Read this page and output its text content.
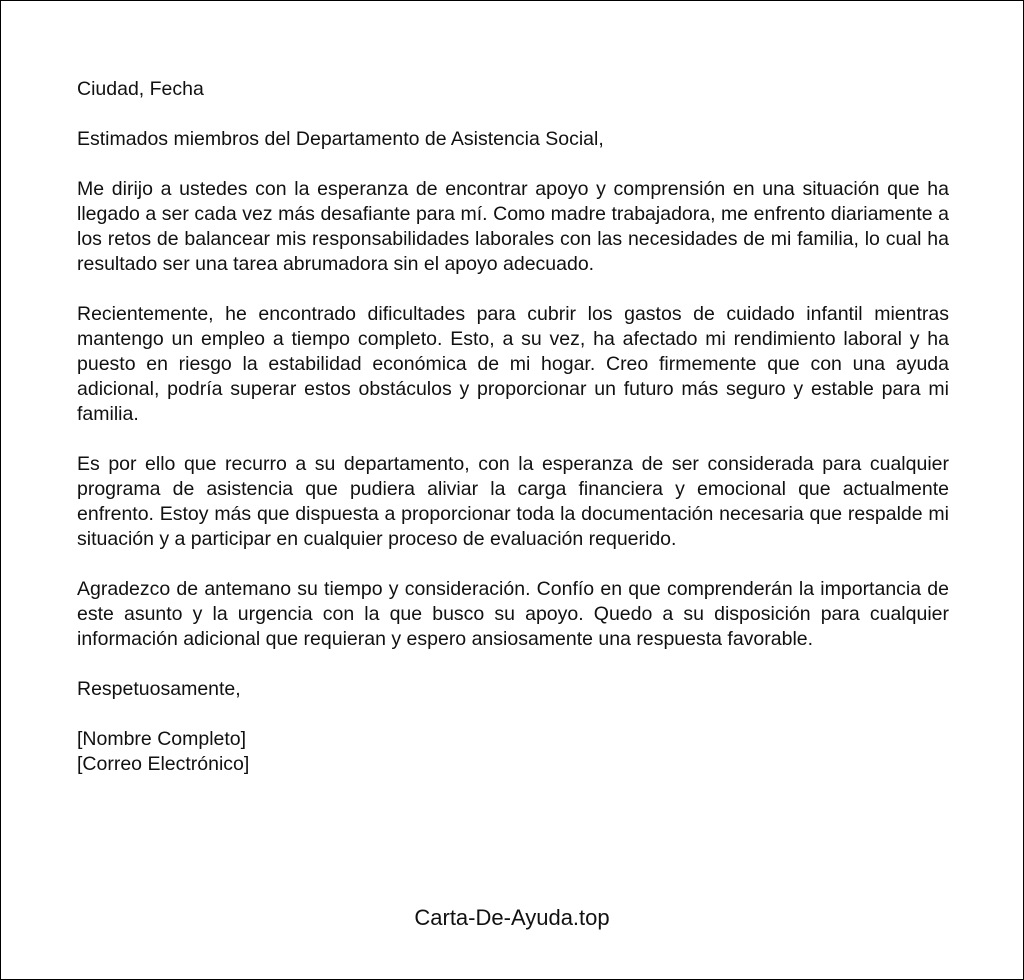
Ciudad, Fecha

Estimados miembros del Departamento de Asistencia Social,

Me dirijo a ustedes con la esperanza de encontrar apoyo y comprensión en una situación que ha llegado a ser cada vez más desafiante para mí. Como madre trabajadora, me enfrento diariamente a los retos de balancear mis responsabilidades laborales con las necesidades de mi familia, lo cual ha resultado ser una tarea abrumadora sin el apoyo adecuado.

Recientemente, he encontrado dificultades para cubrir los gastos de cuidado infantil mientras mantengo un empleo a tiempo completo. Esto, a su vez, ha afectado mi rendimiento laboral y ha puesto en riesgo la estabilidad económica de mi hogar. Creo firmemente que con una ayuda adicional, podría superar estos obstáculos y proporcionar un futuro más seguro y estable para mi familia.

Es por ello que recurro a su departamento, con la esperanza de ser considerada para cualquier programa de asistencia que pudiera aliviar la carga financiera y emocional que actualmente enfrento. Estoy más que dispuesta a proporcionar toda la documentación necesaria que respalde mi situación y a participar en cualquier proceso de evaluación requerido.

Agradezco de antemano su tiempo y consideración. Confío en que comprenderán la importancia de este asunto y la urgencia con la que busco su apoyo. Quedo a su disposición para cualquier información adicional que requieran y espero ansiosamente una respuesta favorable.

Respetuosamente,

[Nombre Completo]

[Correo Electrónico]

Carta-De-Ayuda.top
